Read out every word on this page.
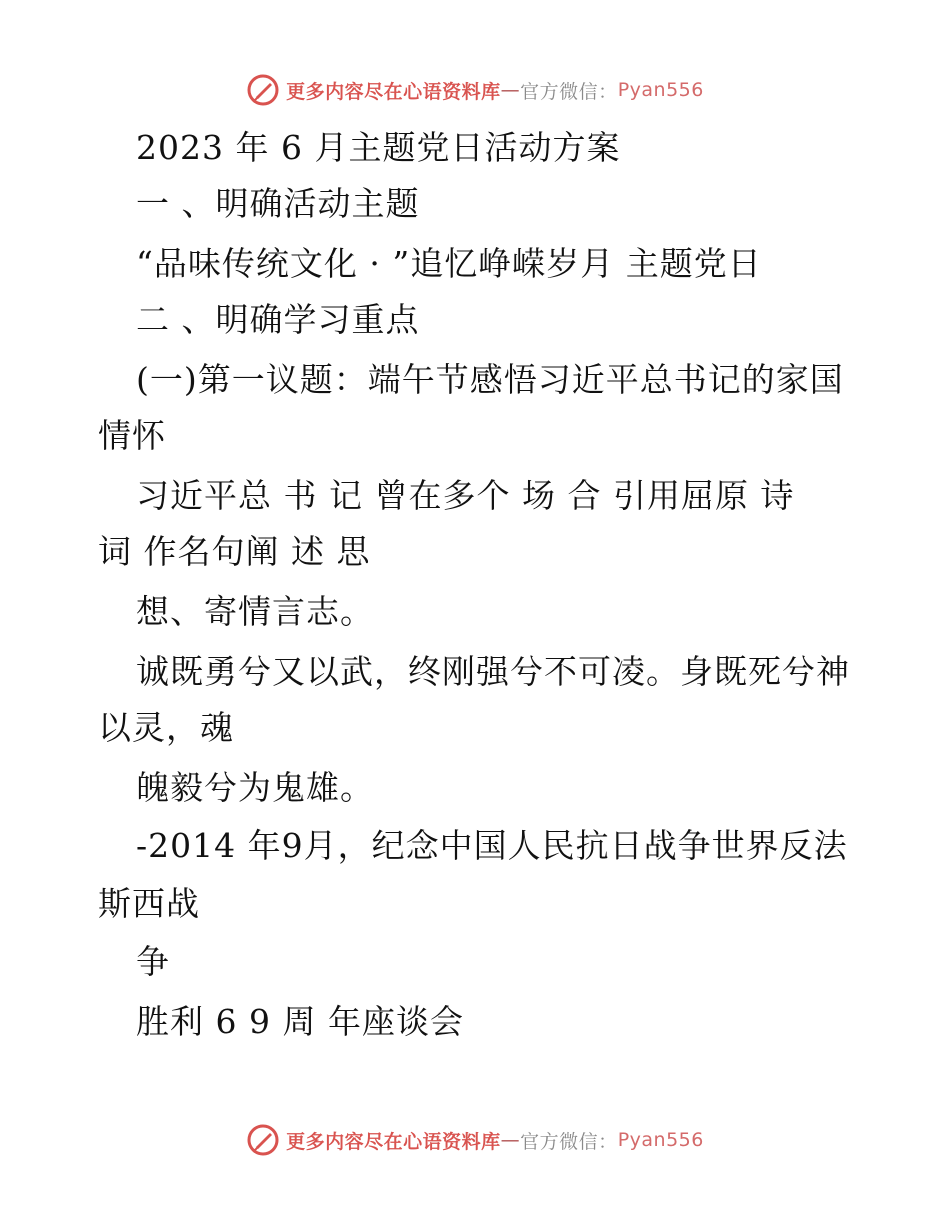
更多内容尽在心语资料库 — 官方微信： Pyan556
2023 年 6 月主题党日活动方案
一 、明确活动主题
“品味传统文化 · ”追忆峥嵘岁月 主题党日
二 、明确学习重点
(一)第一议题：端午节感悟习近平总书记的家国
情怀
习近平总 书 记 曾在多个 场 合 引用屈原 诗
词 作名句阐 述 思
想、寄情言志。
诚既勇兮又以武，终刚强兮不可凌。身既死兮神
以灵，魂
魄毅兮为鬼雄。
-2014 年9月，纪念中国人民抗日战争世界反法
斯西战
争
胜利 6 9 周 年座谈会
更多内容尽在心语资料库 — 官方微信： Pyan556
